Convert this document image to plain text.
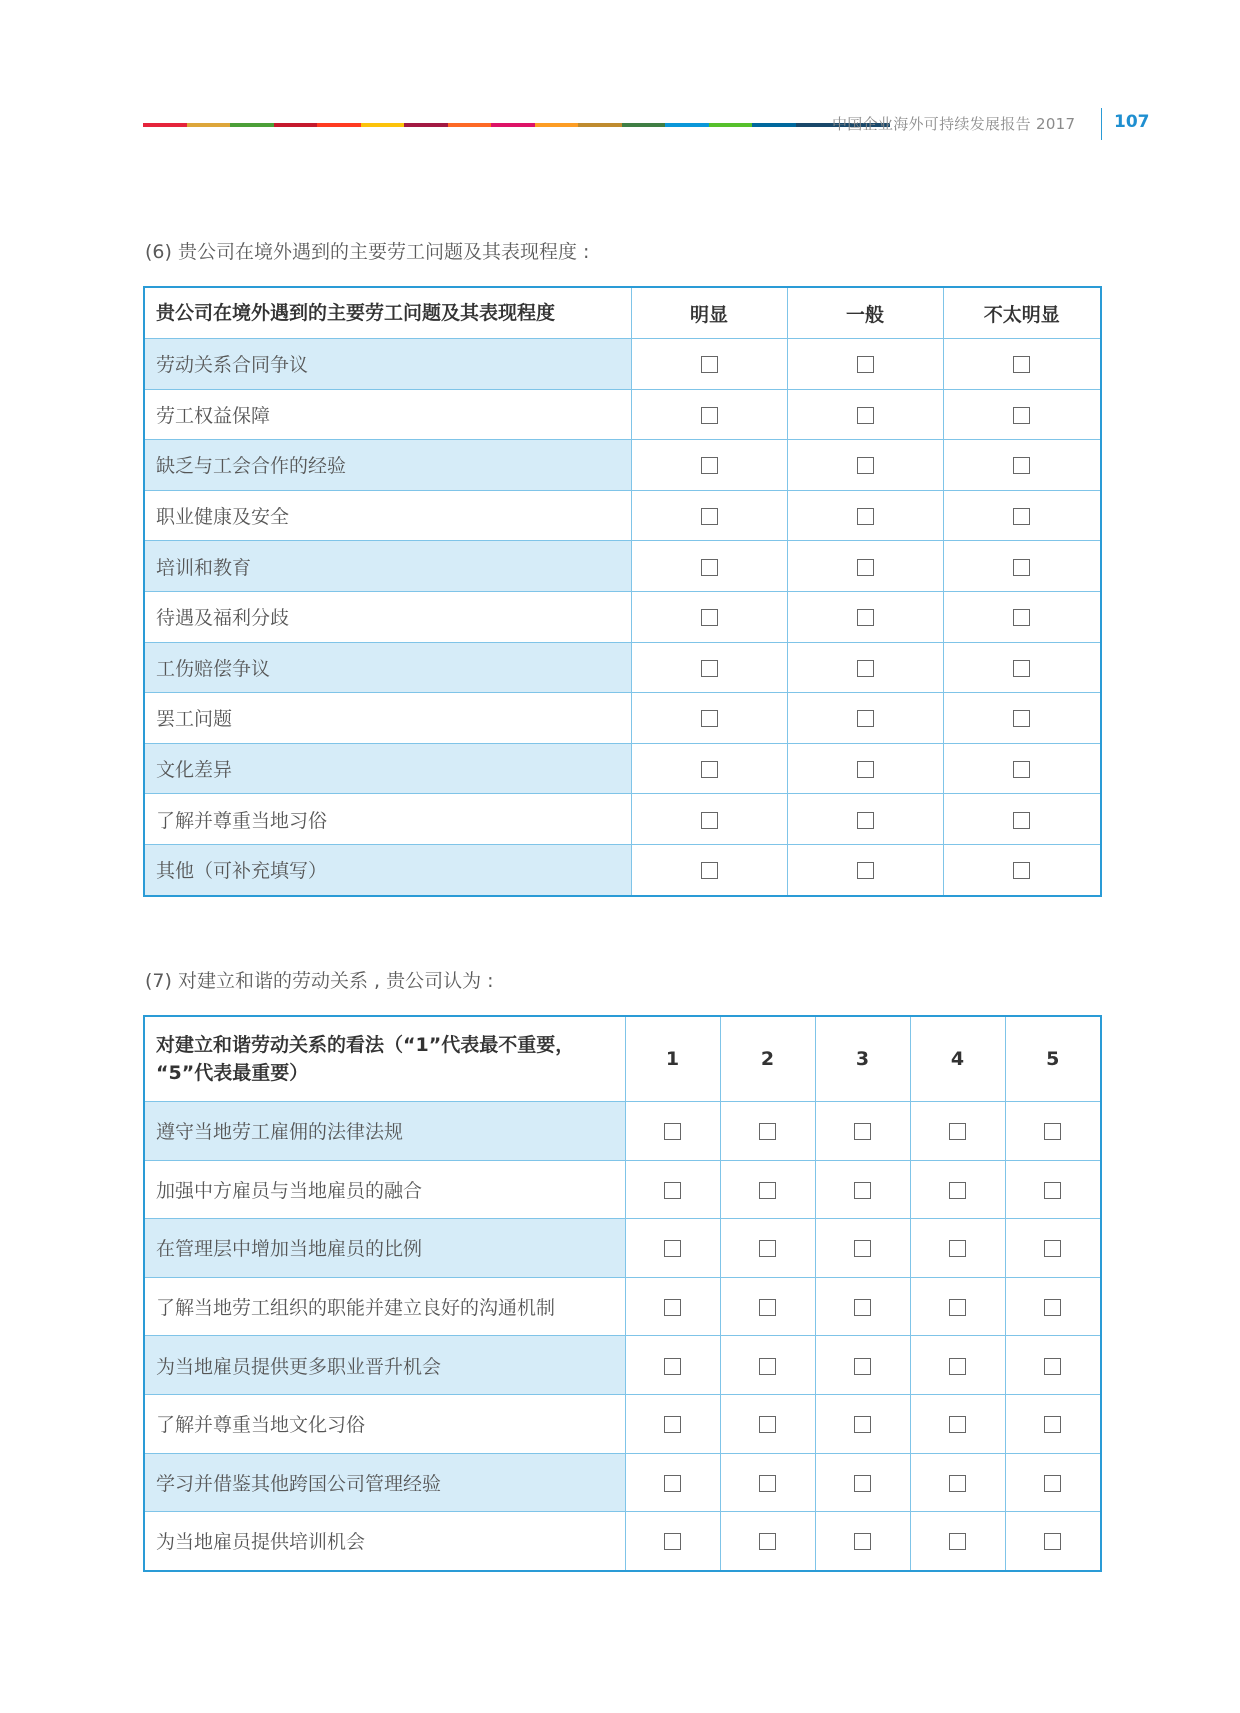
中国企业海外可持续发展报告 2017 107
(6) 贵公司在境外遇到的主要劳工问题及其表现程度 :
贵公司在境外遇到的主要劳工问题及其表现程度	明显	一般	不太明显
劳动关系合同争议			
劳工权益保障			
缺乏与工会合作的经验			
职业健康及安全			
培训和教育			
待遇及福利分歧			
工伤赔偿争议			
罢工问题			
文化差异			
了解并尊重当地习俗			
其他（可补充填写）			
(7) 对建立和谐的劳动关系 , 贵公司认为 :
对建立和谐劳动关系的看法（“1”代表最不重要，
“5”代表最重要）	1	2	3	4	5
遵守当地劳工雇佣的法律法规					
加强中方雇员与当地雇员的融合					
在管理层中增加当地雇员的比例					
了解当地劳工组织的职能并建立良好的沟通机制					
为当地雇员提供更多职业晋升机会					
了解并尊重当地文化习俗					
学习并借鉴其他跨国公司管理经验					
为当地雇员提供培训机会					
